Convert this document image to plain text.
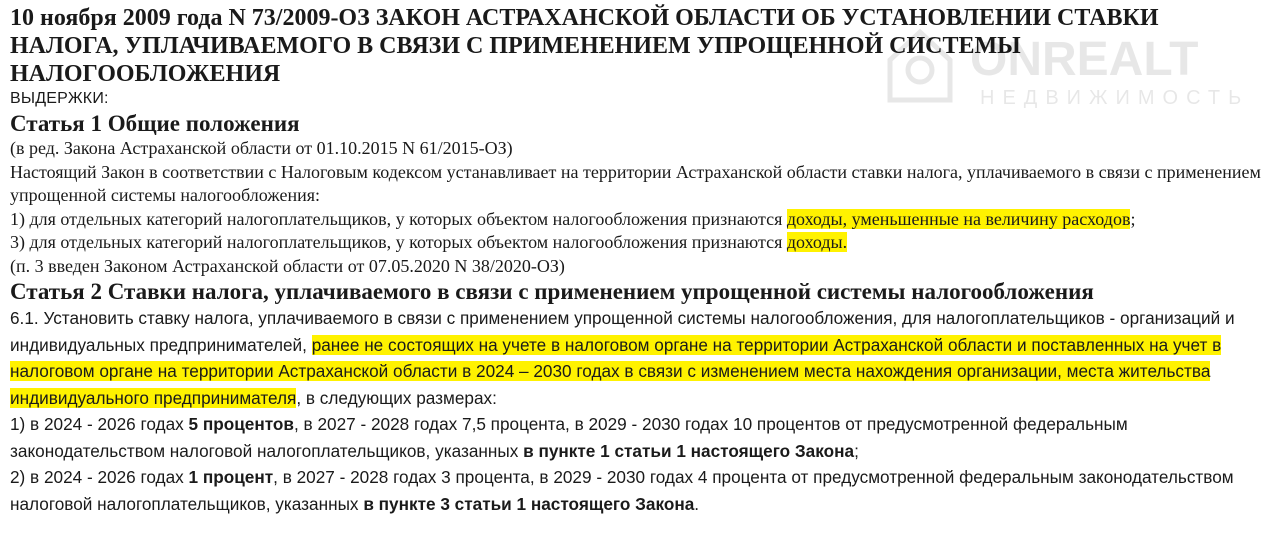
10 ноября 2009 года N 73/2009-ОЗ ЗАКОН АСТРАХАНСКОЙ ОБЛАСТИ ОБ УСТАНОВЛЕНИИ СТАВКИ НАЛОГА, УПЛАЧИВАЕМОГО В СВЯЗИ С ПРИМЕНЕНИЕМ УПРОЩЕННОЙ СИСТЕМЫ НАЛОГООБЛОЖЕНИЯ

ВЫДЕРЖКИ:

Статья 1 Общие положения

(в ред. Закона Астраханской области от 01.10.2015 N 61/2015-ОЗ)

Настоящий Закон в соответствии с Налоговым кодексом устанавливает на территории Астраханской области ставки налога, уплачиваемого в связи с применением упрощенной системы налогообложения:

1) для отдельных категорий налогоплательщиков, у которых объектом налогообложения признаются доходы, уменьшенные на величину расходов;

3) для отдельных категорий налогоплательщиков, у которых объектом налогообложения признаются доходы.

(п. 3 введен Законом Астраханской области от 07.05.2020 N 38/2020-ОЗ)

Статья 2 Ставки налога, уплачиваемого в связи с применением упрощенной системы налогообложения

6.1. Установить ставку налога, уплачиваемого в связи с применением упрощенной системы налогообложения, для налогоплательщиков - организаций и индивидуальных предпринимателей, ранее не состоящих на учете в налоговом органе на территории Астраханской области и поставленных на учет в налоговом органе на территории Астраханской области в 2024 – 2030 годах в связи с изменением места нахождения организации, места жительства индивидуального предпринимателя, в следующих размерах:

1) в 2024 - 2026 годах 5 процентов, в 2027 - 2028 годах 7,5 процента, в 2029 - 2030 годах 10 процентов от предусмотренной федеральным законодательством налоговой налогоплательщиков, указанных в пункте 1 статьи 1 настоящего Закона;

2) в 2024 - 2026 годах 1 процент, в 2027 - 2028 годах 3 процента, в 2029 - 2030 годах 4 процента от предусмотренной федеральным законодательством налоговой налогоплательщиков, указанных в пункте 3 статьи 1 настоящего Закона.

ONREALT
НЕДВИЖИМОСТЬ
